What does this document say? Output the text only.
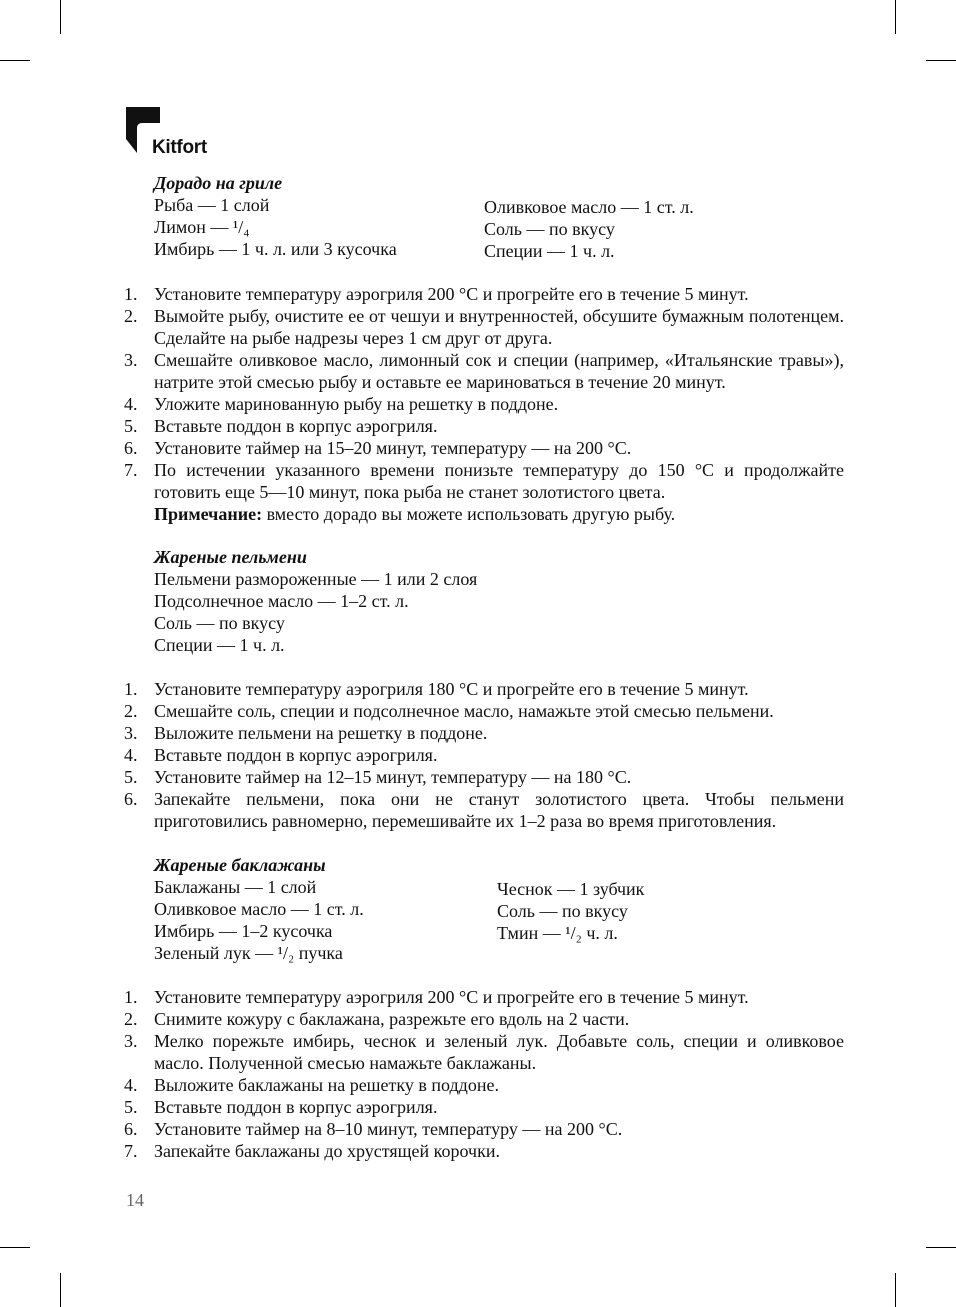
Kitfort
Дорадо на гриле
Рыба — 1 слой
Лимон — ¹/₄
Имбирь — 1 ч. л. или 3 кусочка
Оливковое масло — 1 ст. л.
Соль — по вкусу
Специи — 1 ч. л.
1. Установите температуру аэрогриля 200 °C и прогрейте его в течение 5 минут.
2. Вымойте рыбу, очистите ее от чешуи и внутренностей, обсушите бумажным полотенцем. Сделайте на рыбе надрезы через 1 см друг от друга.
3. Смешайте оливковое масло, лимонный сок и специи (например, «Итальянские травы»), натрите этой смесью рыбу и оставьте ее мариноваться в течение 20 минут.
4. Уложите маринованную рыбу на решетку в поддоне.
5. Вставьте поддон в корпус аэрогриля.
6. Установите таймер на 15–20 минут, температуру — на 200 °C.
7. По истечении указанного времени понизьте температуру до 150 °C и продолжайте готовить еще 5—10 минут, пока рыба не станет золотистого цвета.
Примечание: вместо дорадо вы можете использовать другую рыбу.
Жареные пельмени
Пельмени размороженные — 1 или 2 слоя
Подсолнечное масло — 1–2 ст. л.
Соль — по вкусу
Специи — 1 ч. л.
1. Установите температуру аэрогриля 180 °C и прогрейте его в течение 5 минут.
2. Смешайте соль, специи и подсолнечное масло, намажьте этой смесью пельмени.
3. Выложите пельмени на решетку в поддоне.
4. Вставьте поддон в корпус аэрогриля.
5. Установите таймер на 12–15 минут, температуру — на 180 °C.
6. Запекайте пельмени, пока они не станут золотистого цвета. Чтобы пельмени приготовились равномерно, перемешивайте их 1–2 раза во время приготовления.
Жареные баклажаны
Баклажаны — 1 слой
Оливковое масло — 1 ст. л.
Имбирь — 1–2 кусочка
Зеленый лук — ¹/₂ пучка
Чеснок — 1 зубчик
Соль — по вкусу
Тмин — ¹/₂ ч. л.
1. Установите температуру аэрогриля 200 °C и прогрейте его в течение 5 минут.
2. Снимите кожуру с баклажана, разрежьте его вдоль на 2 части.
3. Мелко порежьте имбирь, чеснок и зеленый лук. Добавьте соль, специи и оливковое масло. Полученной смесью намажьте баклажаны.
4. Выложите баклажаны на решетку в поддоне.
5. Вставьте поддон в корпус аэрогриля.
6. Установите таймер на 8–10 минут, температуру — на 200 °C.
7. Запекайте баклажаны до хрустящей корочки.
14
